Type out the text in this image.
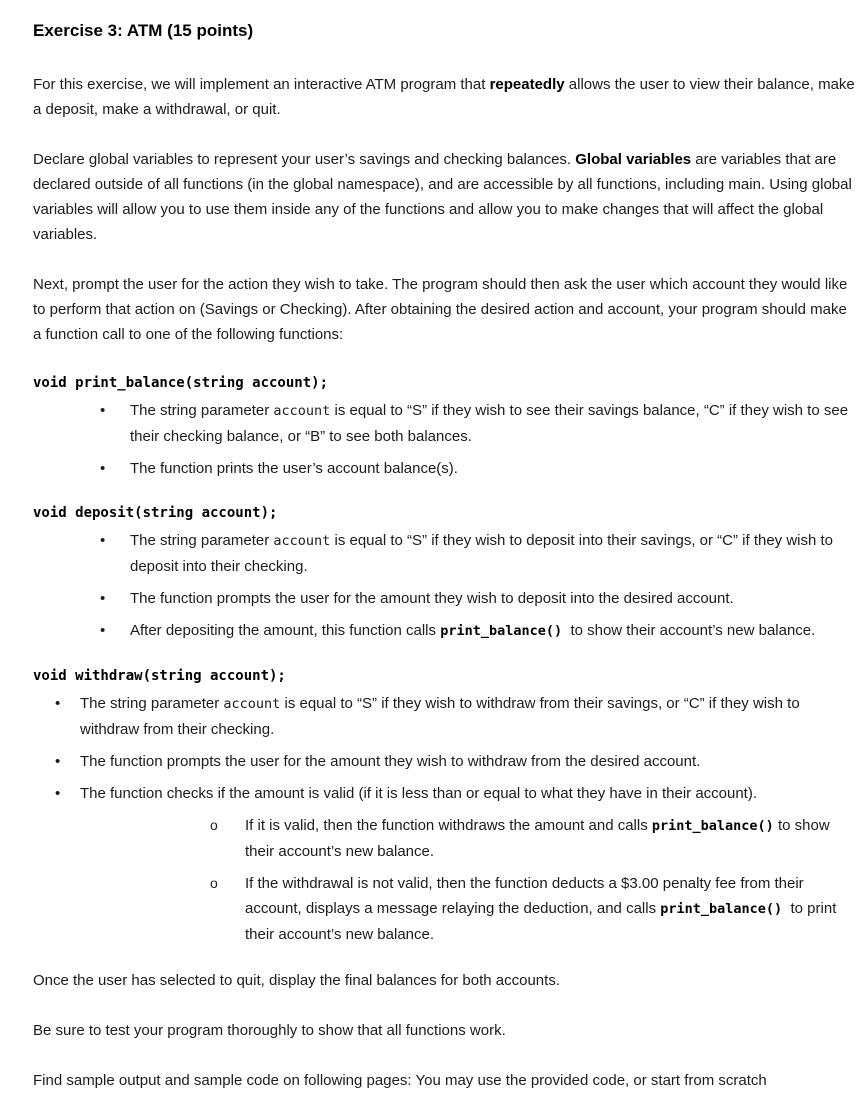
Exercise 3: ATM (15 points)

For this exercise, we will implement an interactive ATM program that repeatedly allows the user to view their balance, make a deposit, make a withdrawal, or quit.

Declare global variables to represent your user’s savings and checking balances. Global variables are variables that are declared outside of all functions (in the global namespace), and are accessible by all functions, including main. Using global variables will allow you to use them inside any of the functions and allow you to make changes that will affect the global variables.

Next, prompt the user for the action they wish to take. The program should then ask the user which account they would like to perform that action on (Savings or Checking). After obtaining the desired action and account, your program should make a function call to one of the following functions:

void print_balance(string account);
•	The string parameter account is equal to “S” if they wish to see their savings balance, “C” if they wish to see their checking balance, or “B” to see both balances.
•	The function prints the user’s account balance(s).
void deposit(string account);
•	The string parameter account is equal to “S” if they wish to deposit into their savings, or “C” if they wish to deposit into their checking.
•	The function prompts the user for the amount they wish to deposit into the desired account.
•	After depositing the amount, this function calls print_balance()  to show their account’s new balance.
void withdraw(string account);
•	The string parameter account is equal to “S” if they wish to withdraw from their savings, or “C” if they wish to withdraw from their checking.
•	The function prompts the user for the amount they wish to withdraw from the desired account.
•	The function checks if the amount is valid (if it is less than or equal to what they have in their account).
o	If it is valid, then the function withdraws the amount and calls print_balance() to show their account’s new balance.
o	If the withdrawal is not valid, then the function deducts a $3.00 penalty fee from their account, displays a message relaying the deduction, and calls print_balance()  to print their account’s new balance.

Once the user has selected to quit, display the final balances for both accounts.

Be sure to test your program thoroughly to show that all functions work.

Find sample output and sample code on following pages: You may use the provided code, or start from scratch
